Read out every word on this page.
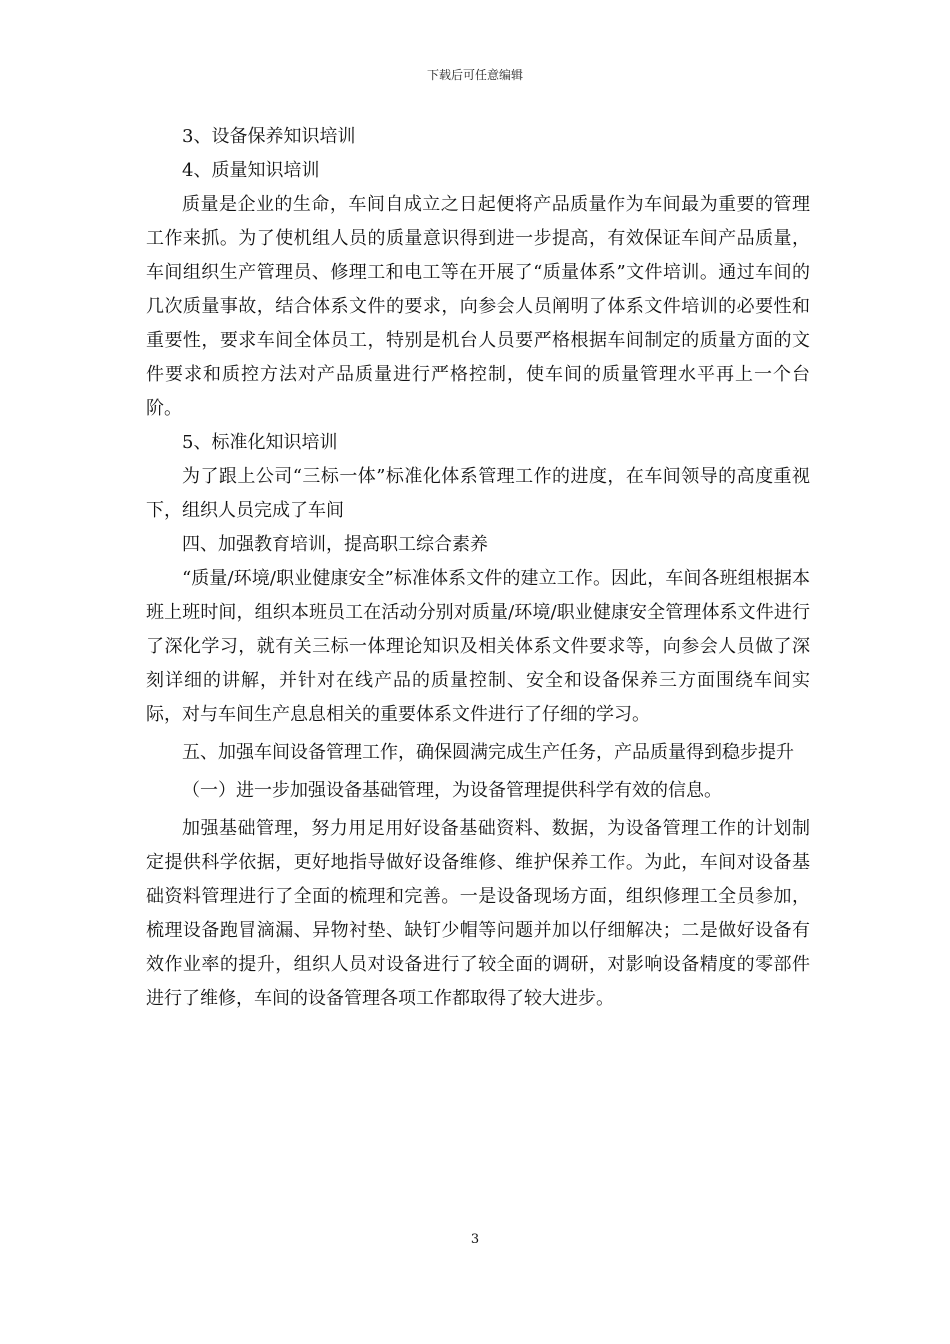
下载后可任意编辑

3、设备保养知识培训

4、质量知识培训

质量是企业的生命，车间自成立之日起便将产品质量作为车间最为重要的管理工作来抓。为了使机组人员的质量意识得到进一步提高，有效保证车间产品质量，车间组织生产管理员、修理工和电工等在开展了“质量体系”文件培训。通过车间的几次质量事故，结合体系文件的要求，向参会人员阐明了体系文件培训的必要性和重要性，要求车间全体员工，特别是机台人员要严格根据车间制定的质量方面的文件要求和质控方法对产品质量进行严格控制，使车间的质量管理水平再上一个台阶。

5、标准化知识培训

为了跟上公司“三标一体”标准化体系管理工作的进度，在车间领导的高度重视下，组织人员完成了车间

四、加强教育培训，提高职工综合素养

“质量/环境/职业健康安全”标准体系文件的建立工作。因此，车间各班组根据本班上班时间，组织本班员工在活动分别对质量/环境/职业健康安全管理体系文件进行了深化学习，就有关三标一体理论知识及相关体系文件要求等，向参会人员做了深刻详细的讲解，并针对在线产品的质量控制、安全和设备保养三方面围绕车间实际，对与车间生产息息相关的重要体系文件进行了仔细的学习。

五、加强车间设备管理工作，确保圆满完成生产任务，产品质量得到稳步提升

（一）进一步加强设备基础管理，为设备管理提供科学有效的信息。

加强基础管理，努力用足用好设备基础资料、数据，为设备管理工作的计划制定提供科学依据，更好地指导做好设备维修、维护保养工作。为此，车间对设备基础资料管理进行了全面的梳理和完善。一是设备现场方面，组织修理工全员参加，梳理设备跑冒滴漏、异物衬垫、缺钉少帽等问题并加以仔细解决；二是做好设备有效作业率的提升，组织人员对设备进行了较全面的调研，对影响设备精度的零部件进行了维修，车间的设备管理各项工作都取得了较大进步。

3
